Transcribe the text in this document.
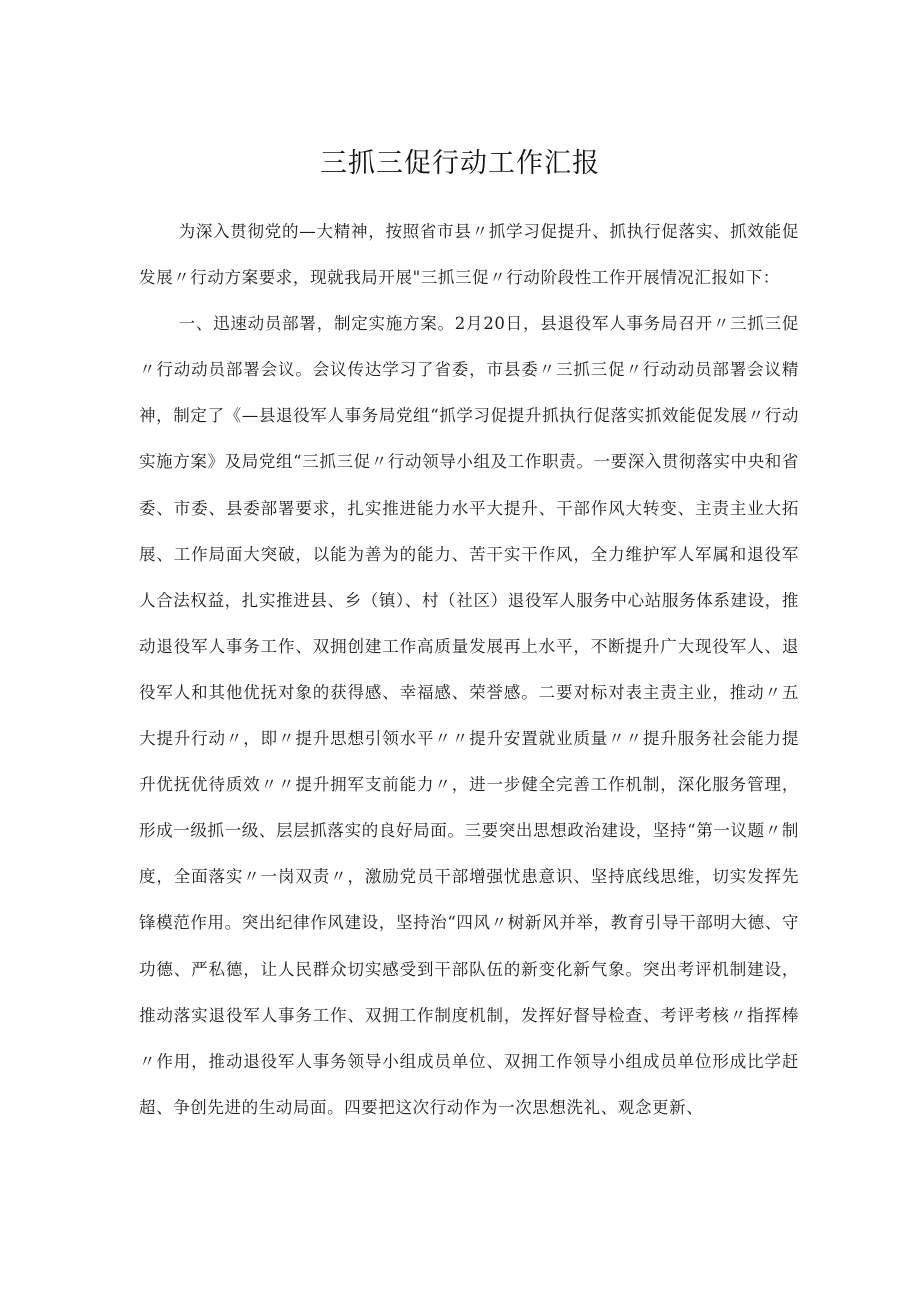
三抓三促行动工作汇报

为深入贯彻党的—大精神，按照省市县〃抓学习促提升、抓执行促落实、抓效能促发展〃行动方案要求，现就我局开展"三抓三促〃行动阶段性工作开展情况汇报如下：

一、迅速动员部署，制定实施方案。2月20日，县退役军人事务局召开〃三抓三促〃行动动员部署会议。会议传达学习了省委，市县委〃三抓三促〃行动动员部署会议精神，制定了《—县退役军人事务局党组“抓学习促提升抓执行促落实抓效能促发展〃行动实施方案》及局党组“三抓三促〃行动领导小组及工作职责。一要深入贯彻落实中央和省委、市委、县委部署要求，扎实推进能力水平大提升、干部作风大转变、主责主业大拓展、工作局面大突破，以能为善为的能力、苦干实干作风，全力维护军人军属和退役军人合法权益，扎实推进县、乡（镇）、村（社区）退役军人服务中心站服务体系建设，推动退役军人事务工作、双拥创建工作高质量发展再上水平，不断提升广大现役军人、退役军人和其他优抚对象的获得感、幸福感、荣誉感。二要对标对表主责主业，推动〃五大提升行动〃，即〃提升思想引领水平〃〃提升安置就业质量〃〃提升服务社会能力提升优抚优待质效〃〃提升拥军支前能力〃，进一步健全完善工作机制，深化服务管理，形成一级抓一级、层层抓落实的良好局面。三要突出思想政治建设，坚持“第一议题〃制度，全面落实〃一岗双责〃，激励党员干部增强忧患意识、坚持底线思维，切实发挥先锋模范作用。突出纪律作风建设，坚持治“四风〃树新风并举，教育引导干部明大德、守功德、严私德，让人民群众切实感受到干部队伍的新变化新气象。突出考评机制建设，推动落实退役军人事务工作、双拥工作制度机制，发挥好督导检查、考评考核〃指挥棒〃作用，推动退役军人事务领导小组成员单位、双拥工作领导小组成员单位形成比学赶超、争创先进的生动局面。四要把这次行动作为一次思想洗礼、观念更新、
